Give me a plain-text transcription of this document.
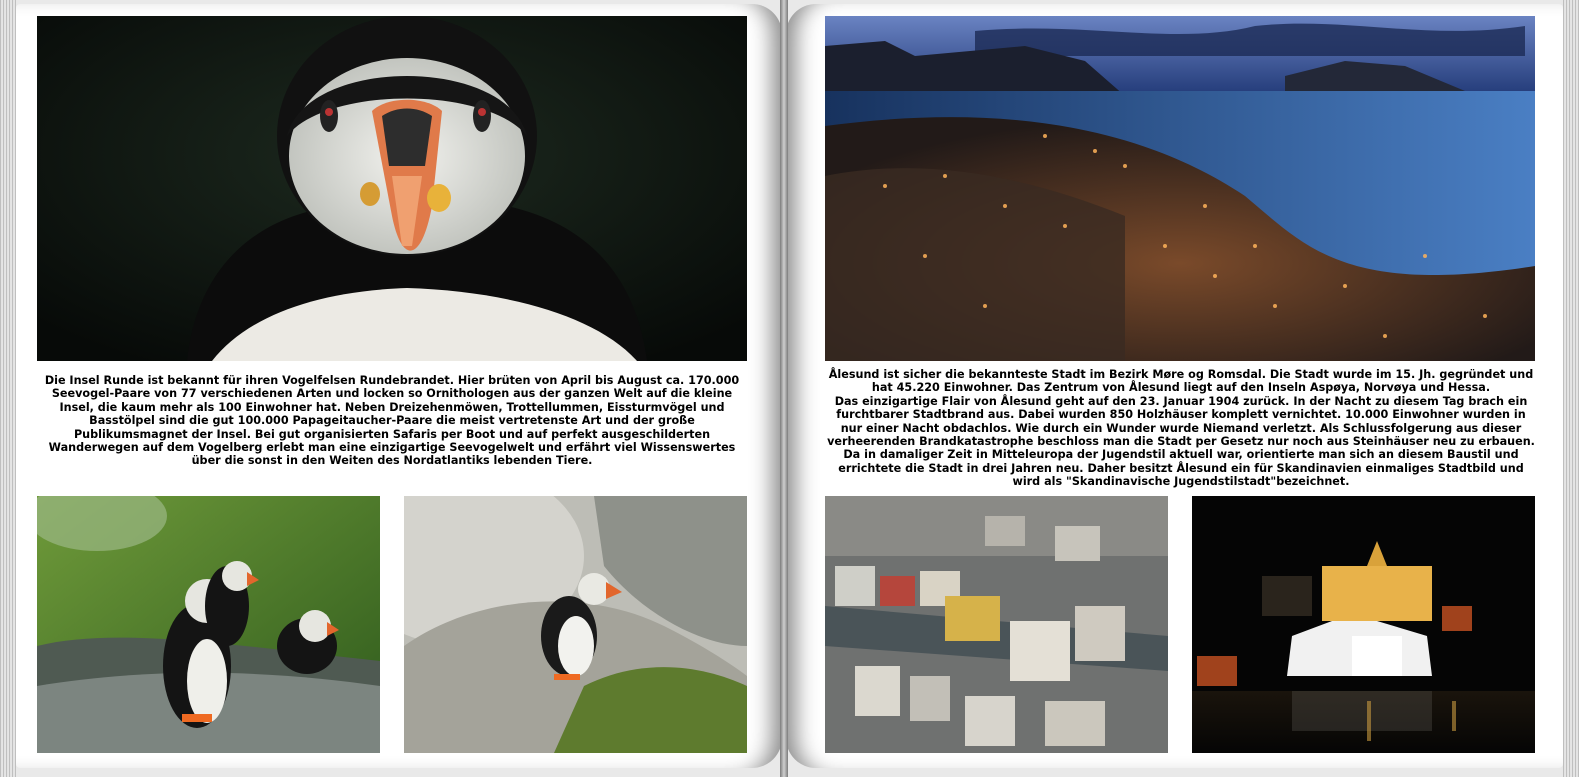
Die Insel Runde ist bekannt für ihren Vogelfelsen Rundebrandet. Hier brüten von April bis August ca. 170.000 Seevogel-Paare von 77 verschiedenen Arten und locken so Ornithologen aus der ganzen Welt auf die kleine Insel, die kaum mehr als 100 Einwohner hat. Neben Dreizehenmöwen, Trottellummen, Eissturmvögel und Basstölpel sind die gut 100.000 Papageitaucher-Paare die meist vertretenste Art und der große Publikumsmagnet der Insel. Bei gut organisierten Safaris per Boot und auf perfekt ausgeschilderten Wanderwegen auf dem Vogelberg erlebt man eine einzigartige Seevogelwelt und erfährt viel Wissenswertes über die sonst in den Weiten des Nordatlantiks lebenden Tiere.

Ålesund ist sicher die bekannteste Stadt im Bezirk Møre og Romsdal. Die Stadt wurde im 15. Jh. gegründet und hat 45.220 Einwohner. Das Zentrum von Ålesund liegt auf den Inseln Aspøya, Norvøya und Hessa.
Das einzigartige Flair von Ålesund geht auf den 23. Januar 1904 zurück. In der Nacht zu diesem Tag brach ein furchtbarer Stadtbrand aus. Dabei wurden 850 Holzhäuser komplett vernichtet. 10.000 Einwohner wurden in nur einer Nacht obdachlos. Wie durch ein Wunder wurde Niemand verletzt. Als Schlussfolgerung aus dieser verheerenden Brandkatastrophe beschloss man die Stadt per Gesetz nur noch aus Steinhäuser neu zu erbauen. Da in damaliger Zeit in Mitteleuropa der Jugendstil aktuell war, orientierte man sich an diesem Baustil und errichtete die Stadt in drei Jahren neu. Daher besitzt Ålesund ein für Skandinavien einmaliges Stadtbild und wird als "Skandinavische Jugendstilstadt"bezeichnet.
